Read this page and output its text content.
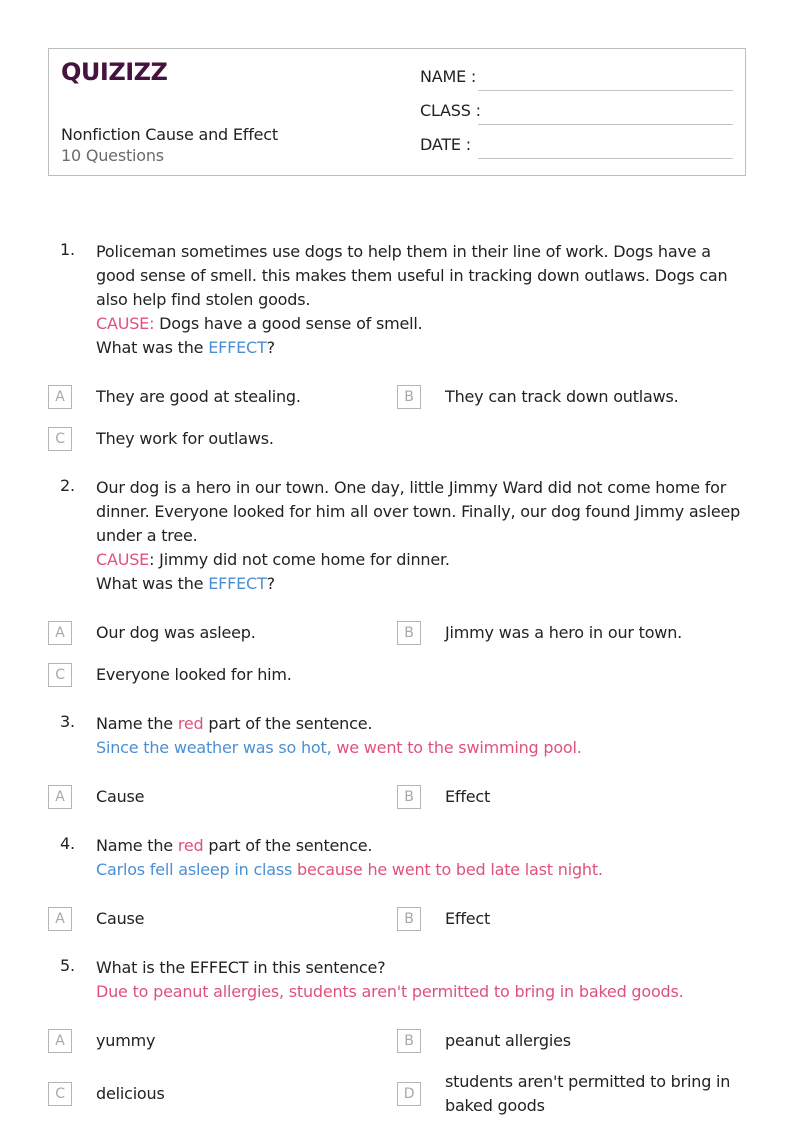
QUIZIZZ
Nonfiction Cause and Effect
10 Questions
NAME :
CLASS :
DATE :
1. Policeman sometimes use dogs to help them in their line of work. Dogs have a good sense of smell. this makes them useful in tracking down outlaws. Dogs can also help find stolen goods.

CAUSE: Dogs have a good sense of smell.

What was the EFFECT?

A	They are good at stealing.	B	They can track down outlaws.
C	They work for outlaws.
2. Our dog is a hero in our town. One day, little Jimmy Ward did not come home for dinner. Everyone looked for him all over town. Finally, our dog found Jimmy asleep under a tree.

CAUSE: Jimmy did not come home for dinner.

What was the EFFECT?

A	Our dog was asleep.	B	Jimmy was a hero in our town.
C	Everyone looked for him.
3. Name the red part of the sentence.

Since the weather was so hot, we went to the swimming pool.

A	Cause	B	Effect
4. Name the red part of the sentence.

Carlos fell asleep in class because he went to bed late last night.

A	Cause	B	Effect
5. What is the EFFECT in this sentence?

Due to peanut allergies, students aren't permitted to bring in baked goods.

A	yummy	B	peanut allergies
C	delicious	D
students aren't permitted to bring in baked goods
